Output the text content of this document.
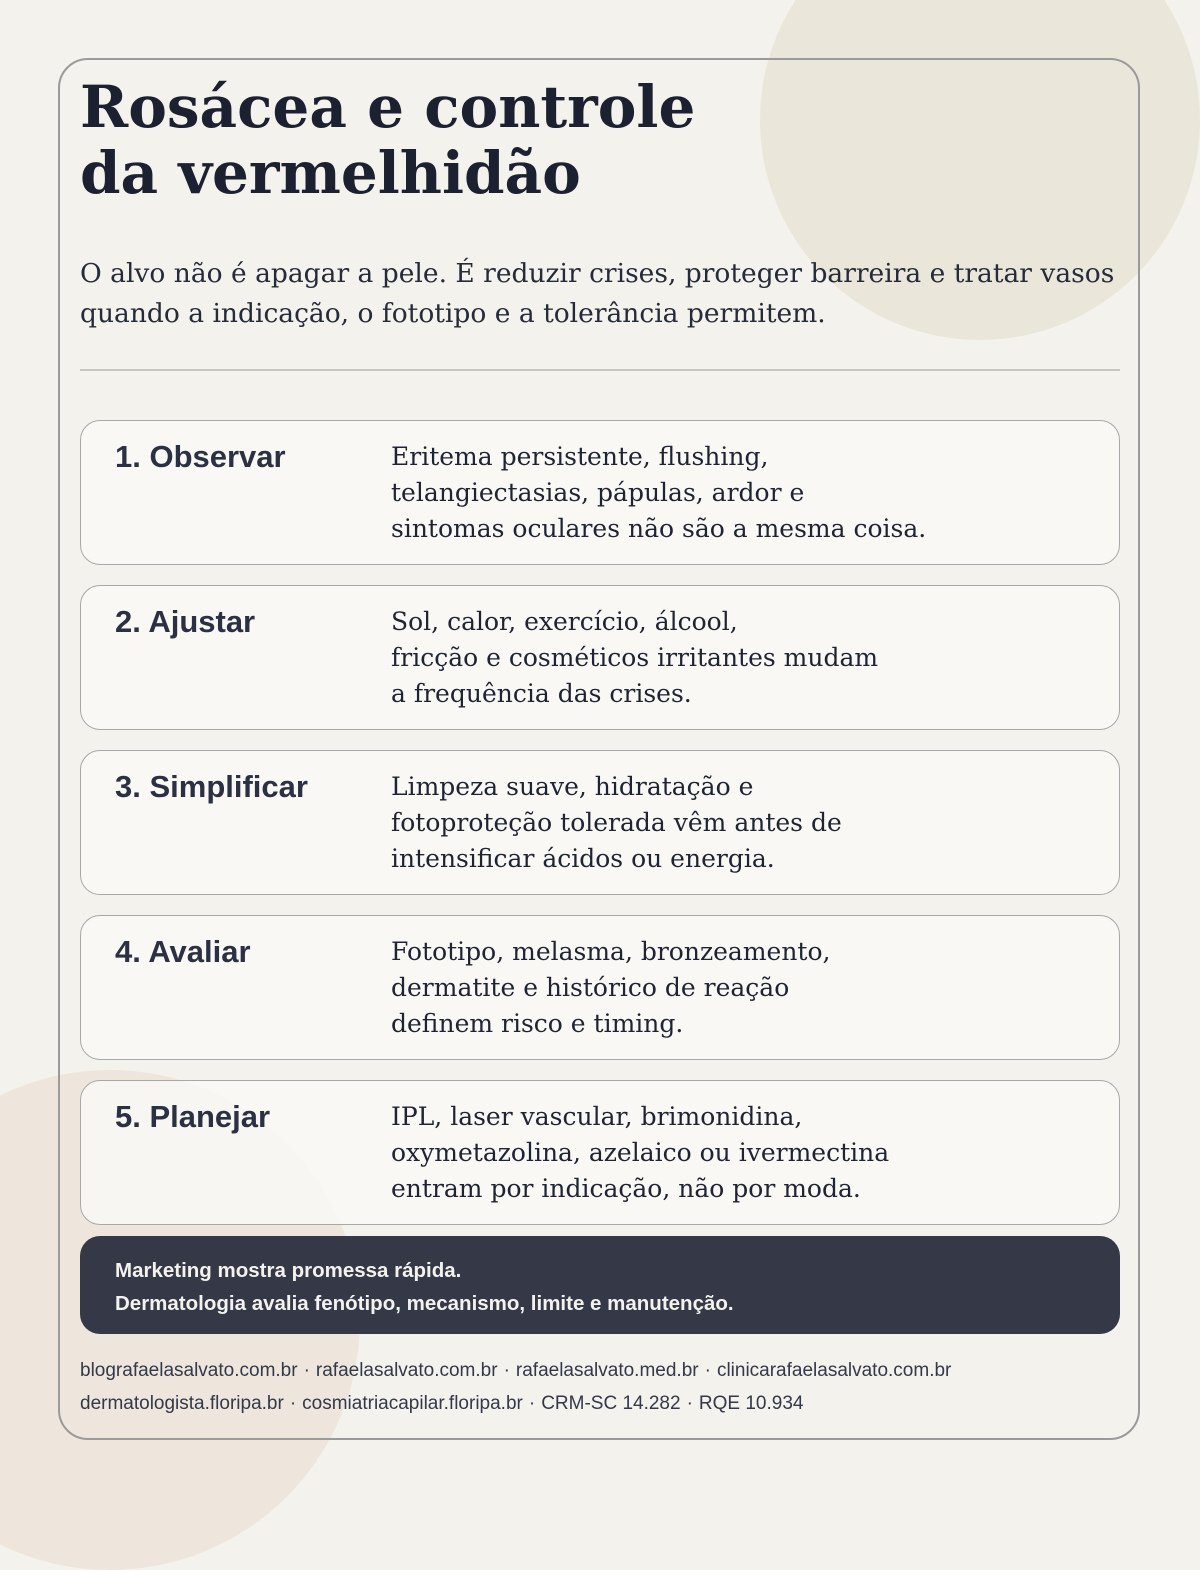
Rosácea e controle
da vermelhidão

O alvo não é apagar a pele. É reduzir crises, proteger barreira e tratar vasos quando a indicação, o fototipo e a tolerância permitem.

1. Observar	Eritema persistente, flushing,
telangiectasias, pápulas, ardor e
sintomas oculares não são a mesma coisa.

2. Ajustar	Sol, calor, exercício, álcool,
fricção e cosméticos irritantes mudam
a frequência das crises.

3. Simplificar	Limpeza suave, hidratação e
fotoproteção tolerada vêm antes de
intensificar ácidos ou energia.

4. Avaliar	Fototipo, melasma, bronzeamento,
dermatite e histórico de reação
definem risco e timing.

5. Planejar	IPL, laser vascular, brimonidina,
oxymetazolina, azelaico ou ivermectina
entram por indicação, não por moda.

Marketing mostra promessa rápida.
Dermatologia avalia fenótipo, mecanismo, limite e manutenção.
blografaelasalvato.com.br · rafaelasalvato.com.br · rafaelasalvato.med.br · clinicarafaelasalvato.com.br
dermatologista.floripa.br · cosmiatriacapilar.floripa.br · CRM-SC 14.282 · RQE 10.934
